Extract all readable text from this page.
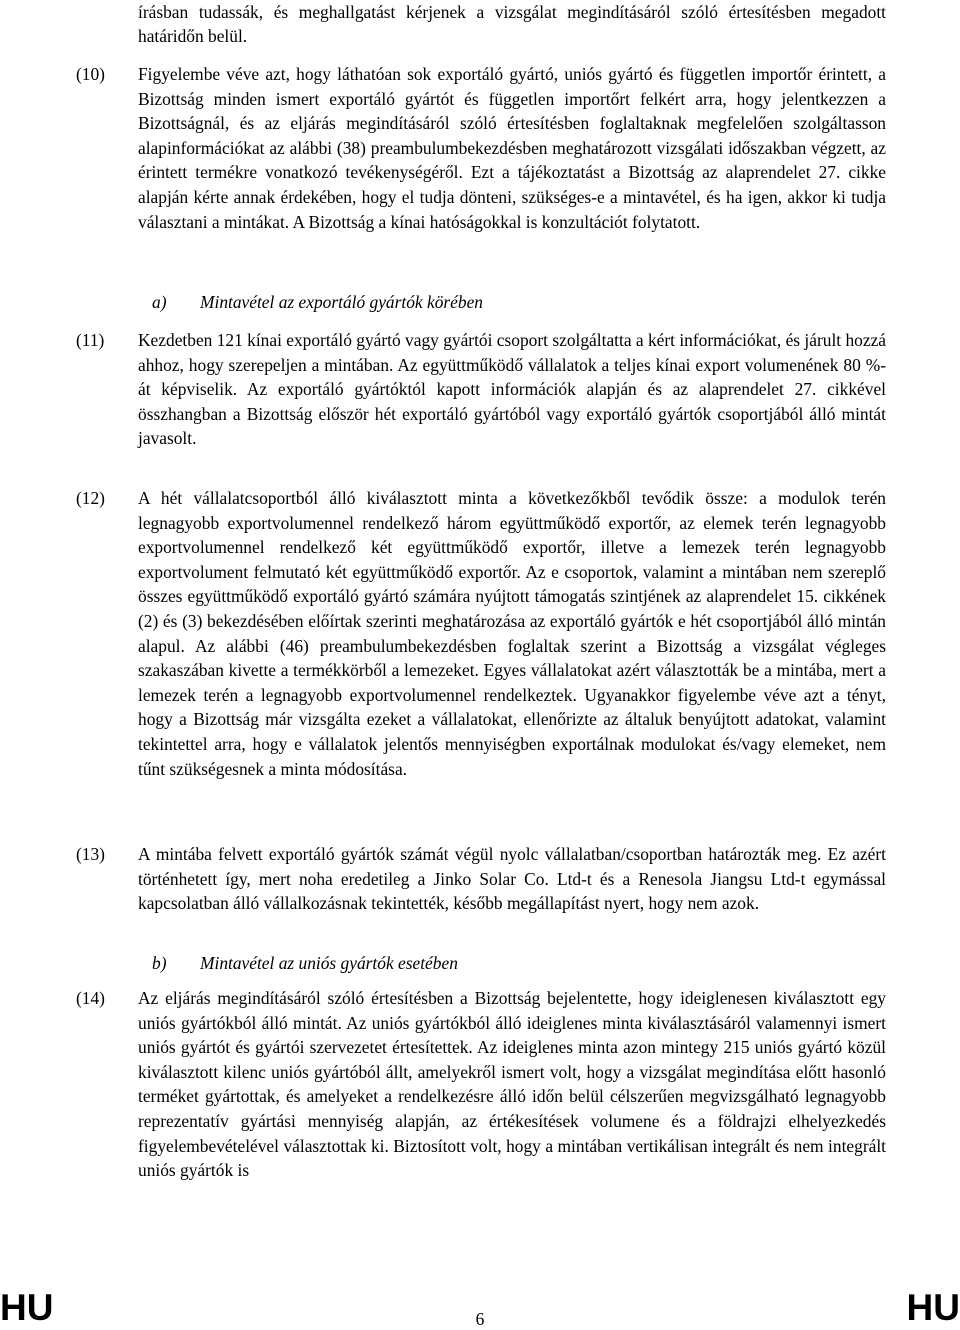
írásban tudassák, és meghallgatást kérjenek a vizsgálat megindításáról szóló értesítésben megadott határidőn belül.
(10)	Figyelembe véve azt, hogy láthatóan sok exportáló gyártó, uniós gyártó és független importőr érintett, a Bizottság minden ismert exportáló gyártót és független importőrt felkért arra, hogy jelentkezzen a Bizottságnál, és az eljárás megindításáról szóló értesítésben foglaltaknak megfelelően szolgáltasson alapinformációkat az alábbi (38) preambulumbekezdésben meghatározott vizsgálati időszakban végzett, az érintett termékre vonatkozó tevékenységéről. Ezt a tájékoztatást a Bizottság az alaprendelet 27. cikke alapján kérte annak érdekében, hogy el tudja dönteni, szükséges-e a mintavétel, és ha igen, akkor ki tudja választani a mintákat. A Bizottság a kínai hatóságokkal is konzultációt folytatott.
a) Mintavétel az exportáló gyártók körében
(11)	Kezdetben 121 kínai exportáló gyártó vagy gyártói csoport szolgáltatta a kért információkat, és járult hozzá ahhoz, hogy szerepeljen a mintában. Az együttműködő vállalatok a teljes kínai export volumenének 80 %-át képviselik. Az exportáló gyártóktól kapott információk alapján és az alaprendelet 27. cikkével összhangban a Bizottság először hét exportáló gyártóból vagy exportáló gyártók csoportjából álló mintát javasolt.
(12)	A hét vállalatcsoportból álló kiválasztott minta a következőkből tevődik össze: a modulok terén legnagyobb exportvolumennel rendelkező három együttműködő exportőr, az elemek terén legnagyobb exportvolumennel rendelkező két együttműködő exportőr, illetve a lemezek terén legnagyobb exportvolument felmutató két együttműködő exportőr. Az e csoportok, valamint a mintában nem szereplő összes együttműködő exportáló gyártó számára nyújtott támogatás szintjének az alaprendelet 15. cikkének (2) és (3) bekezdésében előírtak szerinti meghatározása az exportáló gyártók e hét csoportjából álló mintán alapul. Az alábbi (46) preambulumbekezdésben foglaltak szerint a Bizottság a vizsgálat végleges szakaszában kivette a termékkörből a lemezeket. Egyes vállalatokat azért választották be a mintába, mert a lemezek terén a legnagyobb exportvolumennel rendelkeztek. Ugyanakkor figyelembe véve azt a tényt, hogy a Bizottság már vizsgálta ezeket a vállalatokat, ellenőrizte az általuk benyújtott adatokat, valamint tekintettel arra, hogy e vállalatok jelentős mennyiségben exportálnak modulokat és/vagy elemeket, nem tűnt szükségesnek a minta módosítása.
(13)	A mintába felvett exportáló gyártók számát végül nyolc vállalatban/csoportban határozták meg. Ez azért történhetett így, mert noha eredetileg a Jinko Solar Co. Ltd-t és a Renesola Jiangsu Ltd-t egymással kapcsolatban álló vállalkozásnak tekintették, később megállapítást nyert, hogy nem azok.
b) Mintavétel az uniós gyártók esetében
(14)	Az eljárás megindításáról szóló értesítésben a Bizottság bejelentette, hogy ideiglenesen kiválasztott egy uniós gyártókból álló mintát. Az uniós gyártókból álló ideiglenes minta kiválasztásáról valamennyi ismert uniós gyártót és gyártói szervezetet értesítettek. Az ideiglenes minta azon mintegy 215 uniós gyártó közül kiválasztott kilenc uniós gyártóból állt, amelyekről ismert volt, hogy a vizsgálat megindítása előtt hasonló terméket gyártottak, és amelyeket a rendelkezésre álló időn belül célszerűen megvizsgálható legnagyobb reprezentatív gyártási mennyiség alapján, az értékesítések volumene és a földrajzi elhelyezkedés figyelembevételével választottak ki. Biztosított volt, hogy a mintában vertikálisan integrált és nem integrált uniós gyártók is
HU	6	HU
